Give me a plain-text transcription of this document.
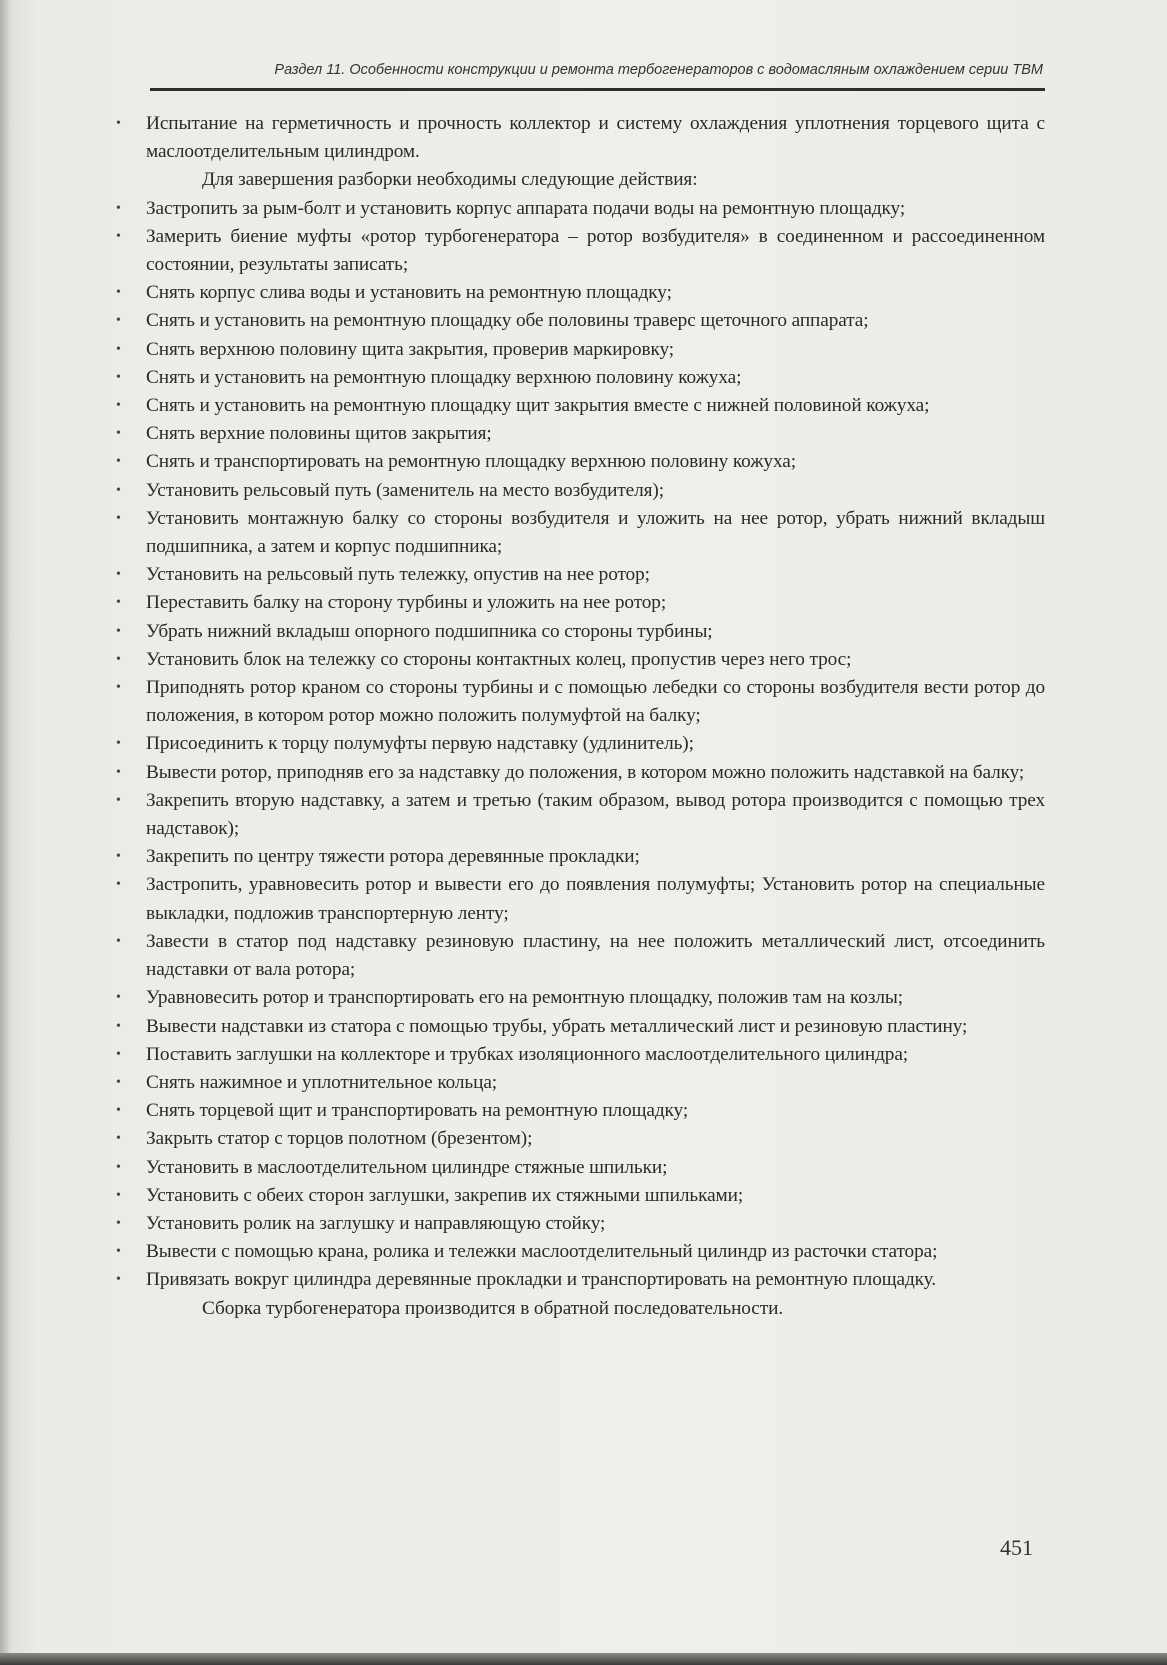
Раздел 11. Особенности конструкции и ремонта тербогенераторов с водомасляным охлаждением серии ТВМ
• Испытание на герметичность и прочность коллектор и систему охлаждения уплотнения торцевого щита с маслоотделительным цилиндром.
Для завершения разборки необходимы следующие действия:
• Застропить за рым-болт и установить корпус аппарата подачи воды на ремонтную площадку;
• Замерить биение муфты «ротор турбогенератора – ротор возбудителя» в соединенном и рассоединенном состоянии, результаты записать;
• Снять корпус слива воды и установить на ремонтную площадку;
• Снять и установить на ремонтную площадку обе половины траверс щеточного аппарата;
• Снять верхнюю половину щита закрытия, проверив маркировку;
• Снять и установить на ремонтную площадку верхнюю половину кожуха;
• Снять и установить на ремонтную площадку щит закрытия вместе с нижней половиной кожуха;
• Снять верхние половины щитов закрытия;
• Снять и транспортировать на ремонтную площадку верхнюю половину кожуха;
• Установить рельсовый путь (заменитель на место возбудителя);
• Установить монтажную балку со стороны возбудителя и уложить на нее ротор, убрать нижний вкладыш подшипника, а затем и корпус подшипника;
• Установить на рельсовый путь тележку, опустив на нее ротор;
• Переставить балку на сторону турбины и уложить на нее ротор;
• Убрать нижний вкладыш опорного подшипника со стороны турбины;
• Установить блок на тележку со стороны контактных колец, пропустив через него трос;
• Приподнять ротор краном со стороны турбины и с помощью лебедки со стороны возбудителя вести ротор до положения, в котором ротор можно положить полумуфтой на балку;
• Присоединить к торцу полумуфты первую надставку (удлинитель);
• Вывести ротор, приподняв его за надставку до положения, в котором можно положить надставкой на балку;
• Закрепить вторую надставку, а затем и третью (таким образом, вывод ротора производится с помощью трех надставок);
• Закрепить по центру тяжести ротора деревянные прокладки;
• Застропить, уравновесить ротор и вывести его до появления полумуфты; Установить ротор на специальные выкладки, подложив транспортерную ленту;
• Завести в статор под надставку резиновую пластину, на нее положить металлический лист, отсоединить надставки от вала ротора;
• Уравновесить ротор и транспортировать его на ремонтную площадку, положив там на козлы;
• Вывести надставки из статора с помощью трубы, убрать металлический лист и резиновую пластину;
• Поставить заглушки на коллекторе и трубках изоляционного маслоотделительного цилиндра;
• Снять нажимное и уплотнительное кольца;
• Снять торцевой щит и транспортировать на ремонтную площадку;
• Закрыть статор с торцов полотном (брезентом);
• Установить в маслоотделительном цилиндре стяжные шпильки;
• Установить с обеих сторон заглушки, закрепив их стяжными шпильками;
• Установить ролик на заглушку и направляющую стойку;
• Вывести с помощью крана, ролика и тележки маслоотделительный цилиндр из расточки статора;
• Привязать вокруг цилиндра деревянные прокладки и транспортировать на ремонтную площадку.
Сборка турбогенератора производится в обратной последовательности.
451
